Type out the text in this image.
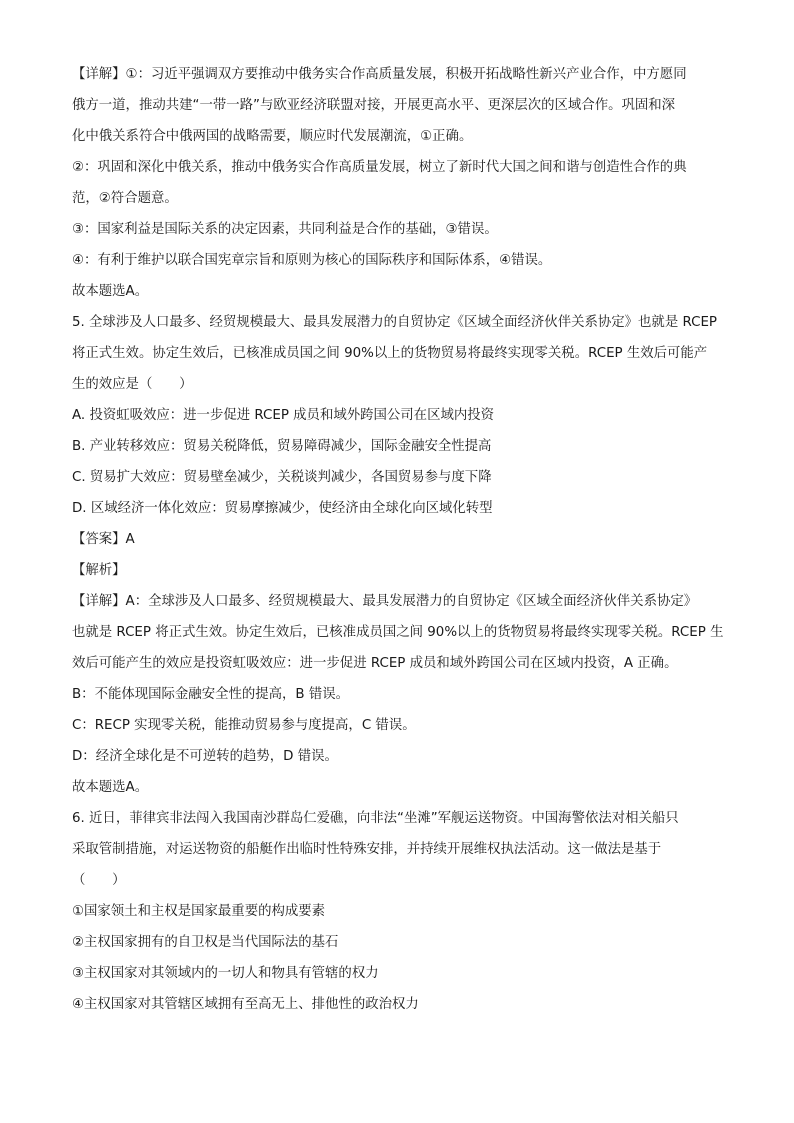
【详解】①：习近平强调双方要推动中俄务实合作高质量发展，积极开拓战略性新兴产业合作，中方愿同
俄方一道，推动共建“一带一路”与欧亚经济联盟对接，开展更高水平、更深层次的区域合作。巩固和深
化中俄关系符合中俄两国的战略需要，顺应时代发展潮流，①正确。
②：巩固和深化中俄关系，推动中俄务实合作高质量发展，树立了新时代大国之间和谐与创造性合作的典
范，②符合题意。
③：国家利益是国际关系的决定因素，共同利益是合作的基础，③错误。
④：有利于维护以联合国宪章宗旨和原则为核心的国际秩序和国际体系，④错误。
故本题选A。
5. 全球涉及人口最多、经贸规模最大、最具发展潜力的自贸协定《区域全面经济伙伴关系协定》也就是 RCEP
将正式生效。协定生效后，已核准成员国之间 90%以上的货物贸易将最终实现零关税。RCEP 生效后可能产
生的效应是（　　）
A. 投资虹吸效应：进一步促进 RCEP 成员和域外跨国公司在区域内投资
B. 产业转移效应：贸易关税降低，贸易障碍减少，国际金融安全性提高
C. 贸易扩大效应：贸易壁垒减少，关税谈判减少，各国贸易参与度下降
D. 区域经济一体化效应：贸易摩擦减少，使经济由全球化向区域化转型
【答案】A
【解析】
【详解】A：全球涉及人口最多、经贸规模最大、最具发展潜力的自贸协定《区域全面经济伙伴关系协定》
也就是 RCEP 将正式生效。协定生效后，已核准成员国之间 90%以上的货物贸易将最终实现零关税。RCEP 生
效后可能产生的效应是投资虹吸效应：进一步促进 RCEP 成员和域外跨国公司在区域内投资，A 正确。
B：不能体现国际金融安全性的提高，B 错误。
C：RECP 实现零关税，能推动贸易参与度提高，C 错误。
D：经济全球化是不可逆转的趋势，D 错误。
故本题选A。
6. 近日，菲律宾非法闯入我国南沙群岛仁爱礁，向非法“坐滩”军舰运送物资。中国海警依法对相关船只
采取管制措施，对运送物资的船艇作出临时性特殊安排，并持续开展维权执法活动。这一做法是基于
（　　）
①国家领土和主权是国家最重要的构成要素
②主权国家拥有的自卫权是当代国际法的基石
③主权国家对其领域内的一切人和物具有管辖的权力
④主权国家对其管辖区域拥有至高无上、排他性的政治权力
